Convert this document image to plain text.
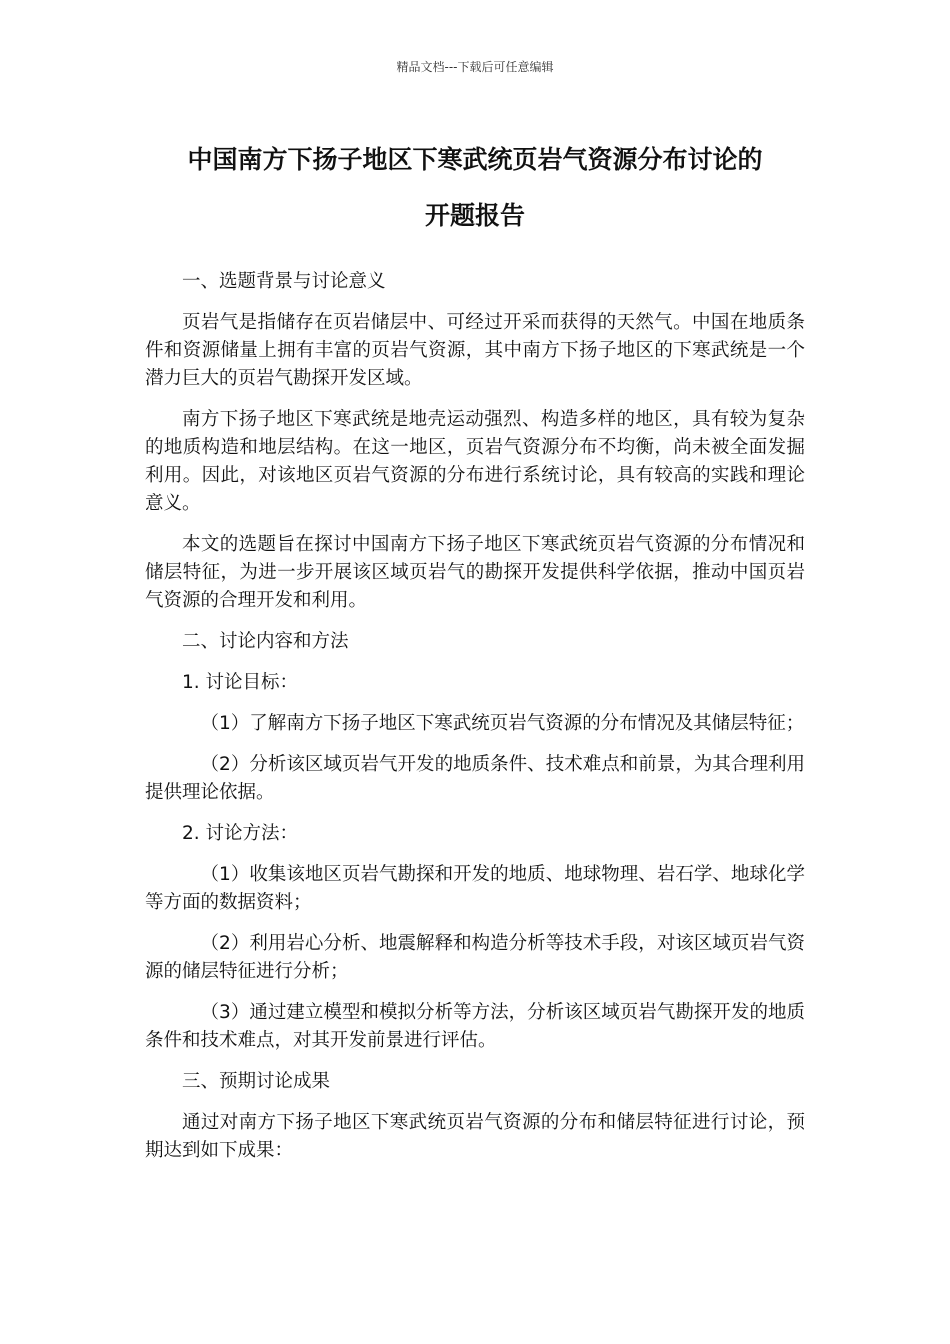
精品文档---下载后可任意编辑
中国南方下扬子地区下寒武统页岩气资源分布讨论的
开题报告

一、选题背景与讨论意义

页岩气是指储存在页岩储层中、可经过开采而获得的天然气。中国在地质条件和资源储量上拥有丰富的页岩气资源，其中南方下扬子地区的下寒武统是一个潜力巨大的页岩气勘探开发区域。

南方下扬子地区下寒武统是地壳运动强烈、构造多样的地区，具有较为复杂的地质构造和地层结构。在这一地区，页岩气资源分布不均衡，尚未被全面发掘利用。因此，对该地区页岩气资源的分布进行系统讨论，具有较高的实践和理论意义。

本文的选题旨在探讨中国南方下扬子地区下寒武统页岩气资源的分布情况和储层特征，为进一步开展该区域页岩气的勘探开发提供科学依据，推动中国页岩气资源的合理开发和利用。

二、讨论内容和方法

1. 讨论目标：

（1）了解南方下扬子地区下寒武统页岩气资源的分布情况及其储层特征；

（2）分析该区域页岩气开发的地质条件、技术难点和前景，为其合理利用提供理论依据。

2. 讨论方法：

（1）收集该地区页岩气勘探和开发的地质、地球物理、岩石学、地球化学等方面的数据资料；

（2）利用岩心分析、地震解释和构造分析等技术手段，对该区域页岩气资源的储层特征进行分析；

（3）通过建立模型和模拟分析等方法，分析该区域页岩气勘探开发的地质条件和技术难点，对其开发前景进行评估。

三、预期讨论成果

通过对南方下扬子地区下寒武统页岩气资源的分布和储层特征进行讨论，预期达到如下成果：
